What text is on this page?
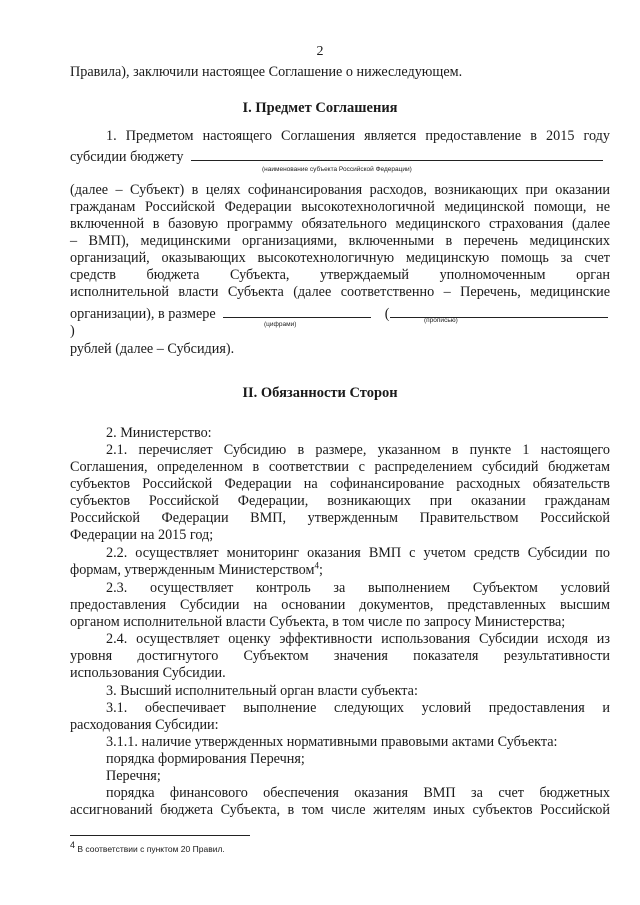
2

Правила), заключили настоящее Соглашение о нижеследующем.

I. Предмет Соглашения

1. Предметом настоящего Соглашения является предоставление в 2015 году

субсидии бюджету

(наименование субъекта Российской Федерации)

(далее – Субъект) в целях софинансирования расходов, возникающих при оказании

гражданам Российской Федерации высокотехнологичной медицинской помощи, не

включенной в базовую программу обязательного медицинского страхования (далее

– ВМП), медицинскими организациями, включенными в перечень медицинских

организаций, оказывающих высокотехнологичную медицинскую помощь за счет

средств бюджета Субъекта, утверждаемый уполномоченным орган

исполнительной власти Субъекта (далее соответственно – Перечень, медицинские

организации), в размере	()	(цифрами)
(прописью)

рублей (далее – Субсидия).

II. Обязанности Сторон

2. Министерство:

2.1. перечисляет Субсидию в размере, указанном в пункте 1 настоящего

Соглашения, определенном в соответствии с распределением субсидий бюджетам

субъектов Российской Федерации на софинансирование расходных обязательств

субъектов Российской Федерации, возникающих при оказании гражданам

Российской Федерации ВМП, утвержденным Правительством Российской

Федерации на 2015 год;

2.2. осуществляет мониторинг оказания ВМП с учетом средств Субсидии по

формам, утвержденным Министерством$^4$;

2.3. осуществляет контроль за выполнением Субъектом условий

предоставления Субсидии на основании документов, представленных высшим

органом исполнительной власти Субъекта, в том числе по запросу Министерства;

2.4. осуществляет оценку эффективности использования Субсидии исходя из

уровня достигнутого Субъектом значения показателя результативности

использования Субсидии.

3. Высший исполнительный орган власти субъекта:

3.1. обеспечивает выполнение следующих условий предоставления и

расходования Субсидии:

3.1.1. наличие утвержденных нормативными правовыми актами Субъекта:

порядка формирования Перечня;

Перечня;

порядка финансового обеспечения оказания ВМП за счет бюджетных

ассигнований бюджета Субъекта, в том числе жителям иных субъектов Российской

$^4$ В соответствии с пунктом 20 Правил.
